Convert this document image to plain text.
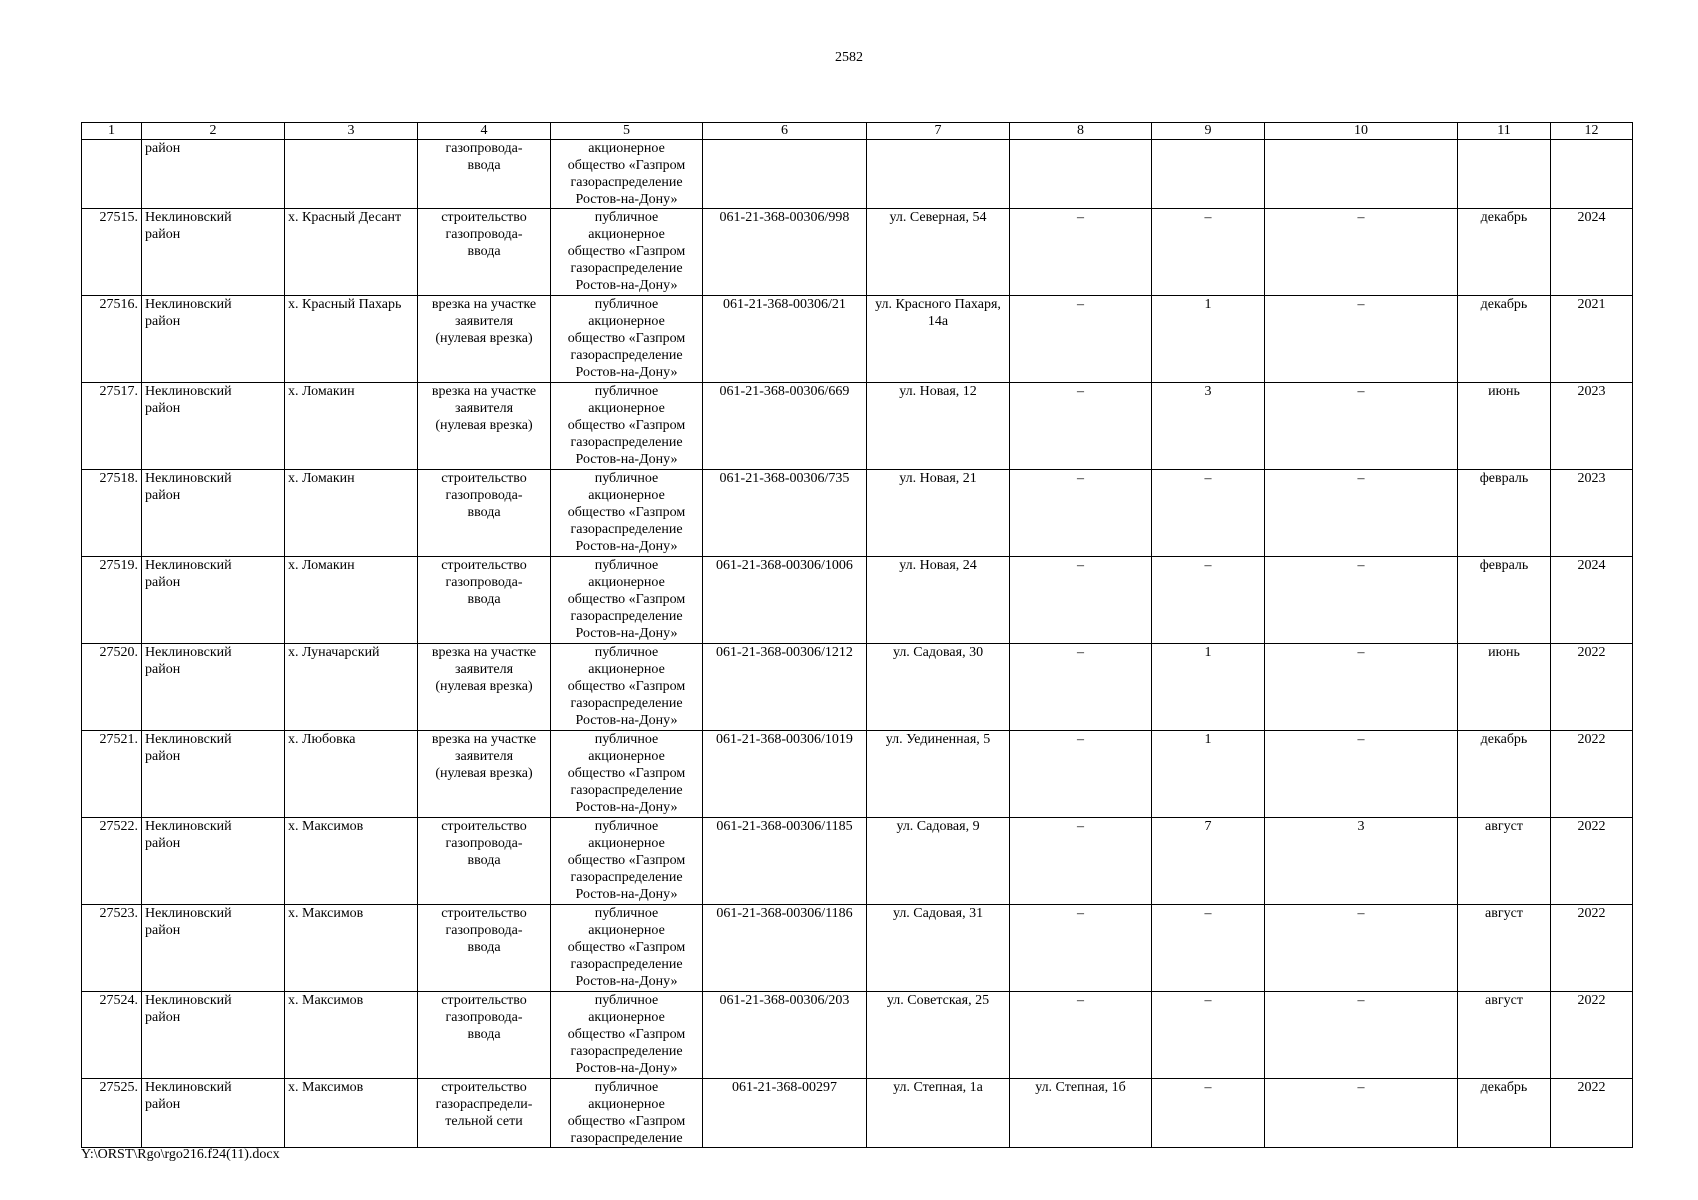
2582
1	2	3	4	5	6	7	8	9	10	11	12

	район		газопровода-
ввода	акционерное
общество «Газпром
газораспределение
Ростов-на-Дону»							

27515.	Неклиновский
район	х. Красный Десант	строительство
газопровода-
ввода	публичное
акционерное
общество «Газпром
газораспределение
Ростов-на-Дону»	061-21-368-00306/998	ул. Северная, 54	–	–	–	декабрь	2024

27516.	Неклиновский
район	х. Красный Пахарь	врезка на участке
заявителя
(нулевая врезка)	публичное
акционерное
общество «Газпром
газораспределение
Ростов-на-Дону»	061-21-368-00306/21	ул. Красного Пахаря,
14а	–	1	–	декабрь	2021

27517.	Неклиновский
район	х. Ломакин	врезка на участке
заявителя
(нулевая врезка)	публичное
акционерное
общество «Газпром
газораспределение
Ростов-на-Дону»	061-21-368-00306/669	ул. Новая, 12	–	3	–	июнь	2023

27518.	Неклиновский
район	х. Ломакин	строительство
газопровода-
ввода	публичное
акционерное
общество «Газпром
газораспределение
Ростов-на-Дону»	061-21-368-00306/735	ул. Новая, 21	–	–	–	февраль	2023

27519.	Неклиновский
район	х. Ломакин	строительство
газопровода-
ввода	публичное
акционерное
общество «Газпром
газораспределение
Ростов-на-Дону»	061-21-368-00306/1006	ул. Новая, 24	–	–	–	февраль	2024

27520.	Неклиновский
район	х. Луначарский	врезка на участке
заявителя
(нулевая врезка)	публичное
акционерное
общество «Газпром
газораспределение
Ростов-на-Дону»	061-21-368-00306/1212	ул. Садовая, 30	–	1	–	июнь	2022

27521.	Неклиновский
район	х. Любовка	врезка на участке
заявителя
(нулевая врезка)	публичное
акционерное
общество «Газпром
газораспределение
Ростов-на-Дону»	061-21-368-00306/1019	ул. Уединенная, 5	–	1	–	декабрь	2022

27522.	Неклиновский
район	х. Максимов	строительство
газопровода-
ввода	публичное
акционерное
общество «Газпром
газораспределение
Ростов-на-Дону»	061-21-368-00306/1185	ул. Садовая, 9	–	7	3	август	2022

27523.	Неклиновский
район	х. Максимов	строительство
газопровода-
ввода	публичное
акционерное
общество «Газпром
газораспределение
Ростов-на-Дону»	061-21-368-00306/1186	ул. Садовая, 31	–	–	–	август	2022

27524.	Неклиновский
район	х. Максимов	строительство
газопровода-
ввода	публичное
акционерное
общество «Газпром
газораспределение
Ростов-на-Дону»	061-21-368-00306/203	ул. Советская, 25	–	–	–	август	2022

27525.	Неклиновский
район	х. Максимов	строительство
газораспредели-
тельной сети	публичное
акционерное
общество «Газпром
газораспределение	061-21-368-00297	ул. Степная, 1а	ул. Степная, 1б	–	–	декабрь	2022
Y:\ORST\Rgo\rgo216.f24(11).docx
